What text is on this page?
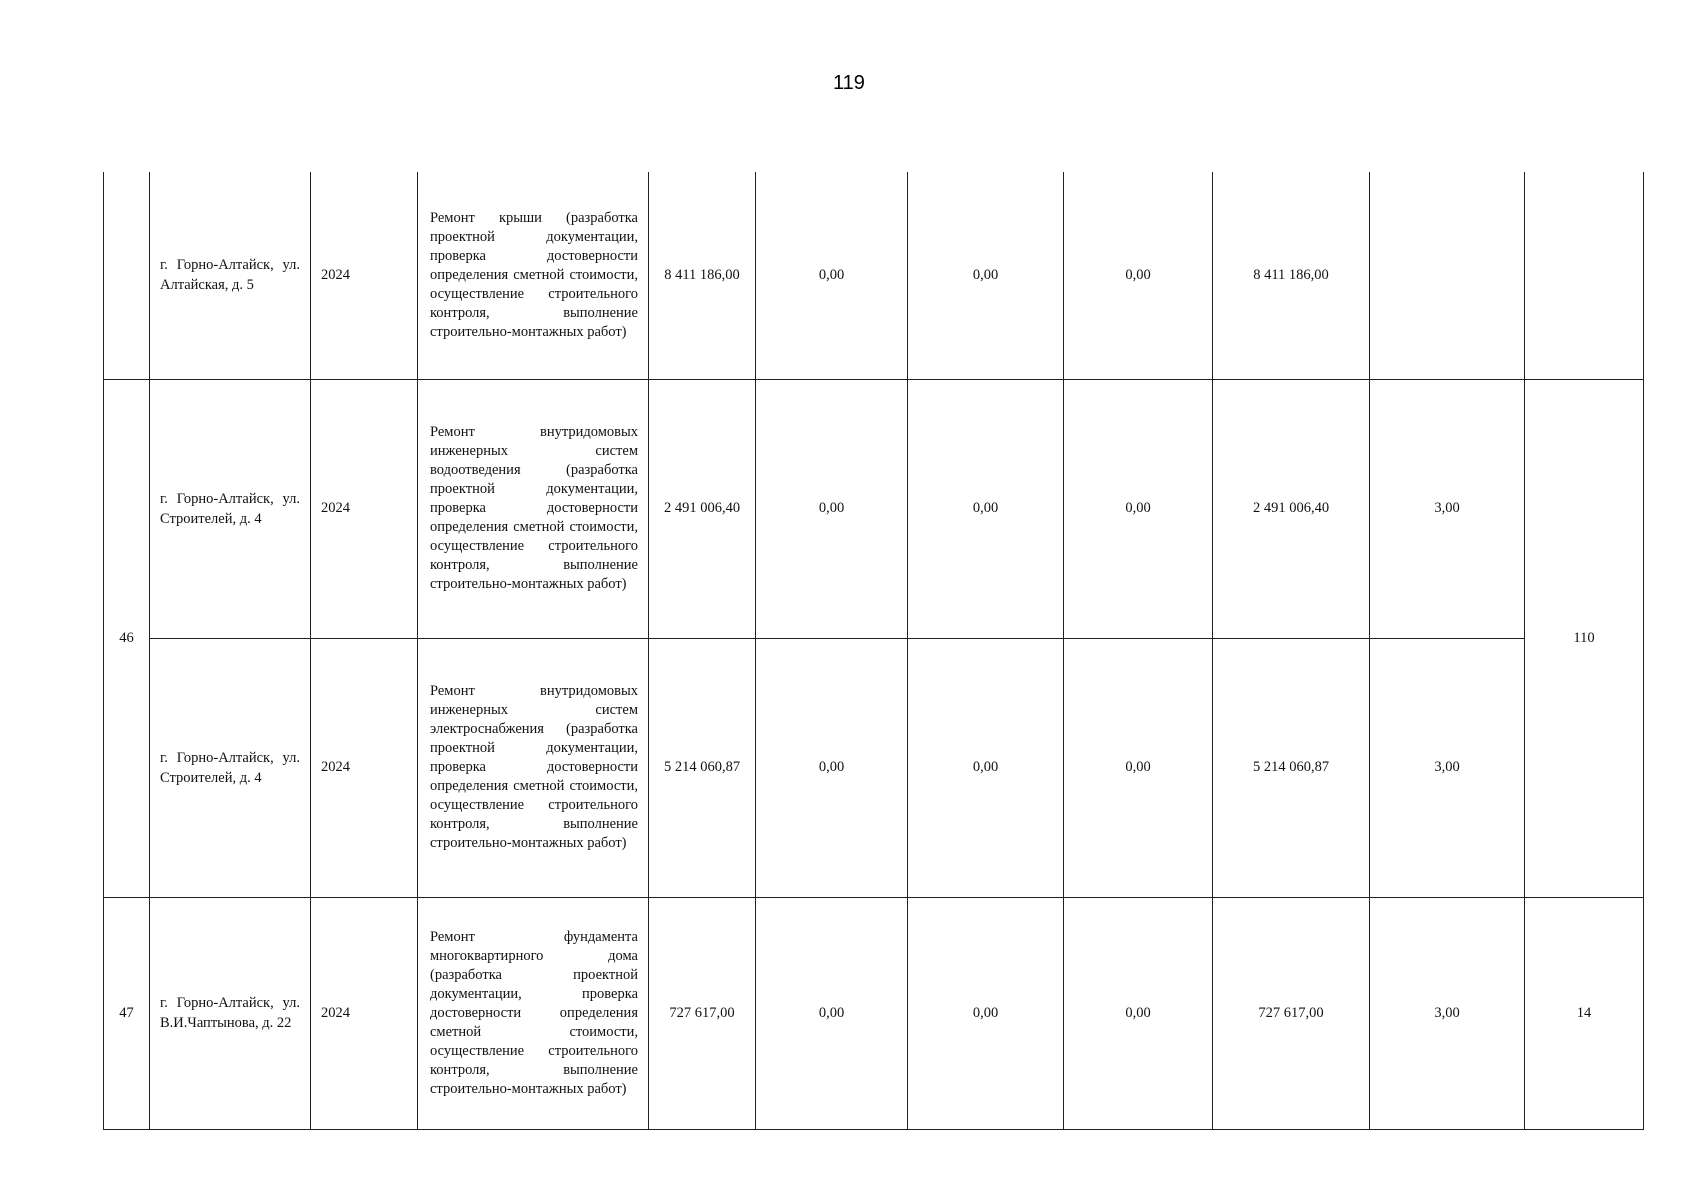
119
	г. Горно-Алтайск, ул. Алтайская, д. 5	2024	Ремонт крыши (разработка проектной документации, проверка достоверности определения сметной стоимости, осуществление строительного контроля, выполнение строительно-монтажных работ)	8 411 186,00	0,00	0,00	0,00	8 411 186,00		
46	г. Горно-Алтайск, ул. Строителей, д. 4	2024	Ремонт внутридомовых инженерных систем водоотведения (разработка проектной документации, проверка достоверности определения сметной стоимости, осуществление строительного контроля, выполнение строительно-монтажных работ)	2 491 006,40	0,00	0,00	0,00	2 491 006,40	3,00	110
	г. Горно-Алтайск, ул. Строителей, д. 4	2024	Ремонт внутридомовых инженерных систем электроснабжения (разработка проектной документации, проверка достоверности определения сметной стоимости, осуществление строительного контроля, выполнение строительно-монтажных работ)	5 214 060,87	0,00	0,00	0,00	5 214 060,87	3,00	
47	г. Горно-Алтайск, ул. В.И.Чаптынова, д. 22	2024	Ремонт фундамента многоквартирного дома (разработка проектной документации, проверка достоверности определения сметной стоимости, осуществление строительного контроля, выполнение строительно-монтажных работ)	727 617,00	0,00	0,00	0,00	727 617,00	3,00	14
